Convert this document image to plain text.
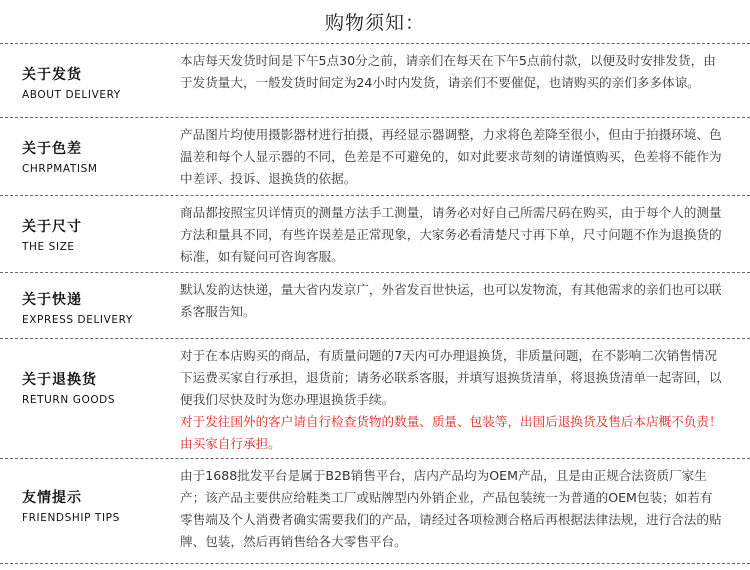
购物须知：
关于发货
ABOUT DELIVERY

本店每天发货时间是下午5点30分之前，请亲们在每天在下午5点前付款，以便及时安排发货，由于发货量大，一般发货时间定为24小时内发货，请亲们不要催促，也请购买的亲们多多体谅。

关于色差
CHRPMATISM

产品图片均使用摄影器材进行拍摄，再经显示器调整，力求将色差降至很小，但由于拍摄环境、色温差和每个人显示器的不同，色差是不可避免的，如对此要求苛刻的请谨慎购买，色差将不能作为中差评、投诉、退换货的依据。

关于尺寸
THE SIZE

商品都按照宝贝详情页的测量方法手工测量，请务必对好自己所需尺码在购买，由于每个人的测量方法和量具不同，有些许误差是正常现象，大家务必看清楚尺寸再下单，尺寸问题不作为退换货的标准，如有疑问可咨询客服。

关于快递
EXPRESS DELIVERY

默认发韵达快递，量大省内发京广，外省发百世快运，也可以发物流，有其他需求的亲们也可以联系客服告知。

关于退换货
RETURN GOODS

对于在本店购买的商品，有质量问题的7天内可办理退换货，非质量问题，在不影响二次销售情况下运费买家自行承担，退货前；请务必联系客服，并填写退换货清单，将退换货清单一起寄回，以便我们尽快及时为您办理退换货手续。

对于发往国外的客户请自行检查货物的数量、质量、包装等，出国后退换货及售后本店概不负责！由买家自行承担。

友情提示
FRIENDSHIP TIPS

由于1688批发平台是属于B2B销售平台，店内产品均为OEM产品，且是由正规合法资质厂家生产；该产品主要供应给鞋类工厂或贴牌型内外销企业，产品包装统一为普通的OEM包装；如若有零售端及个人消费者确实需要我们的产品，请经过各项检测合格后再根据法律法规，进行合法的贴牌、包装，然后再销售给各大零售平台。
